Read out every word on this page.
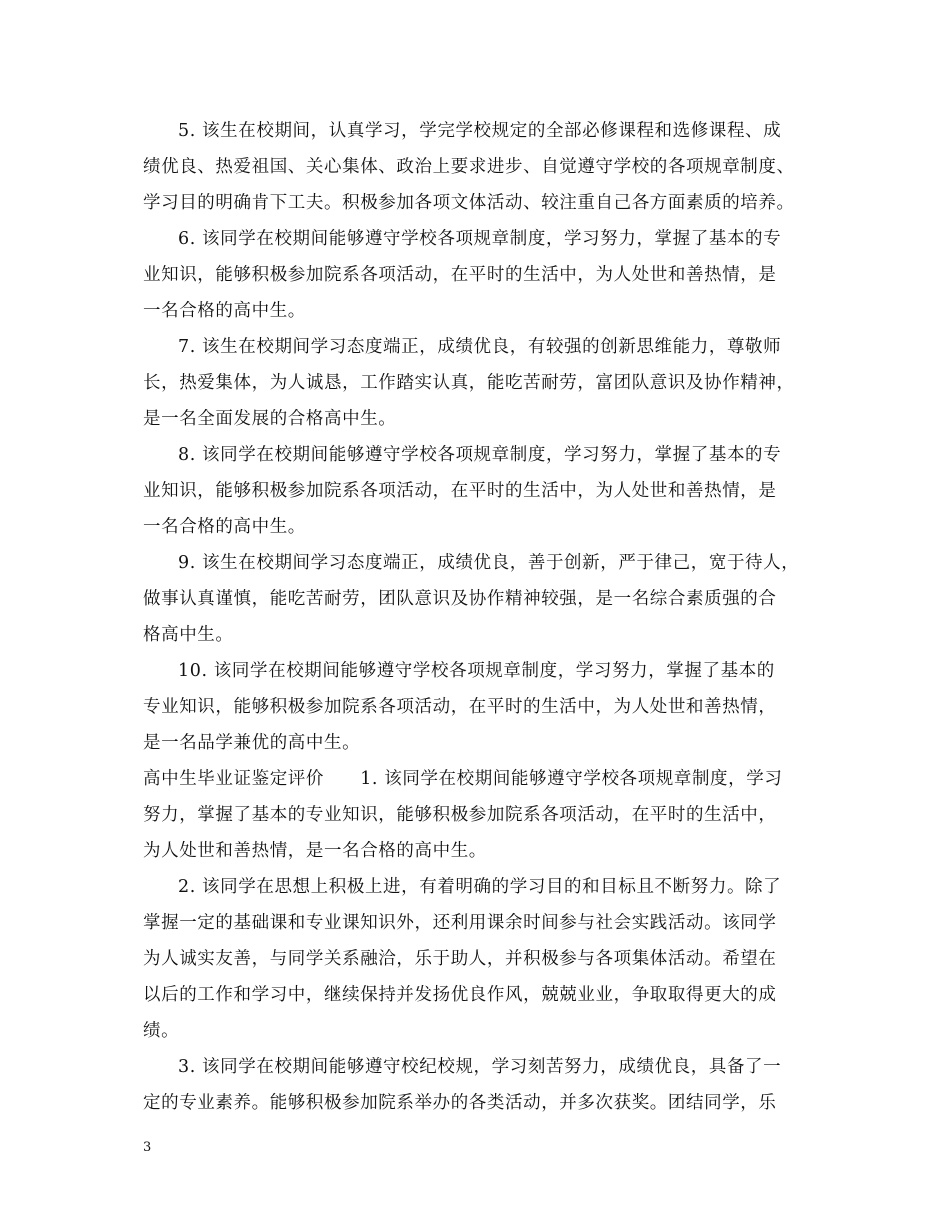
5. 该生在校期间，认真学习，学完学校规定的全部必修课程和选修课程、成
绩优良、热爱祖国、关心集体、政治上要求进步、自觉遵守学校的各项规章制度、
学习目的明确肯下工夫。积极参加各项文体活动、较注重自己各方面素质的培养。
6. 该同学在校期间能够遵守学校各项规章制度，学习努力，掌握了基本的专
业知识，能够积极参加院系各项活动，在平时的生活中，为人处世和善热情，是
一名合格的高中生。
7. 该生在校期间学习态度端正，成绩优良，有较强的创新思维能力，尊敬师
长，热爱集体，为人诚恳，工作踏实认真，能吃苦耐劳，富团队意识及协作精神，
是一名全面发展的合格高中生。
8. 该同学在校期间能够遵守学校各项规章制度，学习努力，掌握了基本的专
业知识，能够积极参加院系各项活动，在平时的生活中，为人处世和善热情，是
一名合格的高中生。
9. 该生在校期间学习态度端正，成绩优良，善于创新，严于律己，宽于待人，
做事认真谨慎，能吃苦耐劳，团队意识及协作精神较强，是一名综合素质强的合
格高中生。
10. 该同学在校期间能够遵守学校各项规章制度，学习努力，掌握了基本的
专业知识，能够积极参加院系各项活动，在平时的生活中，为人处世和善热情，
是一名品学兼优的高中生。
高中生毕业证鉴定评价　　1. 该同学在校期间能够遵守学校各项规章制度，学习
努力，掌握了基本的专业知识，能够积极参加院系各项活动，在平时的生活中，
为人处世和善热情，是一名合格的高中生。
2. 该同学在思想上积极上进，有着明确的学习目的和目标且不断努力。除了
掌握一定的基础课和专业课知识外，还利用课余时间参与社会实践活动。该同学
为人诚实友善，与同学关系融洽，乐于助人，并积极参与各项集体活动。希望在
以后的工作和学习中，继续保持并发扬优良作风，兢兢业业，争取取得更大的成
绩。
3. 该同学在校期间能够遵守校纪校规，学习刻苦努力，成绩优良，具备了一
定的专业素养。能够积极参加院系举办的各类活动，并多次获奖。团结同学，乐
3
